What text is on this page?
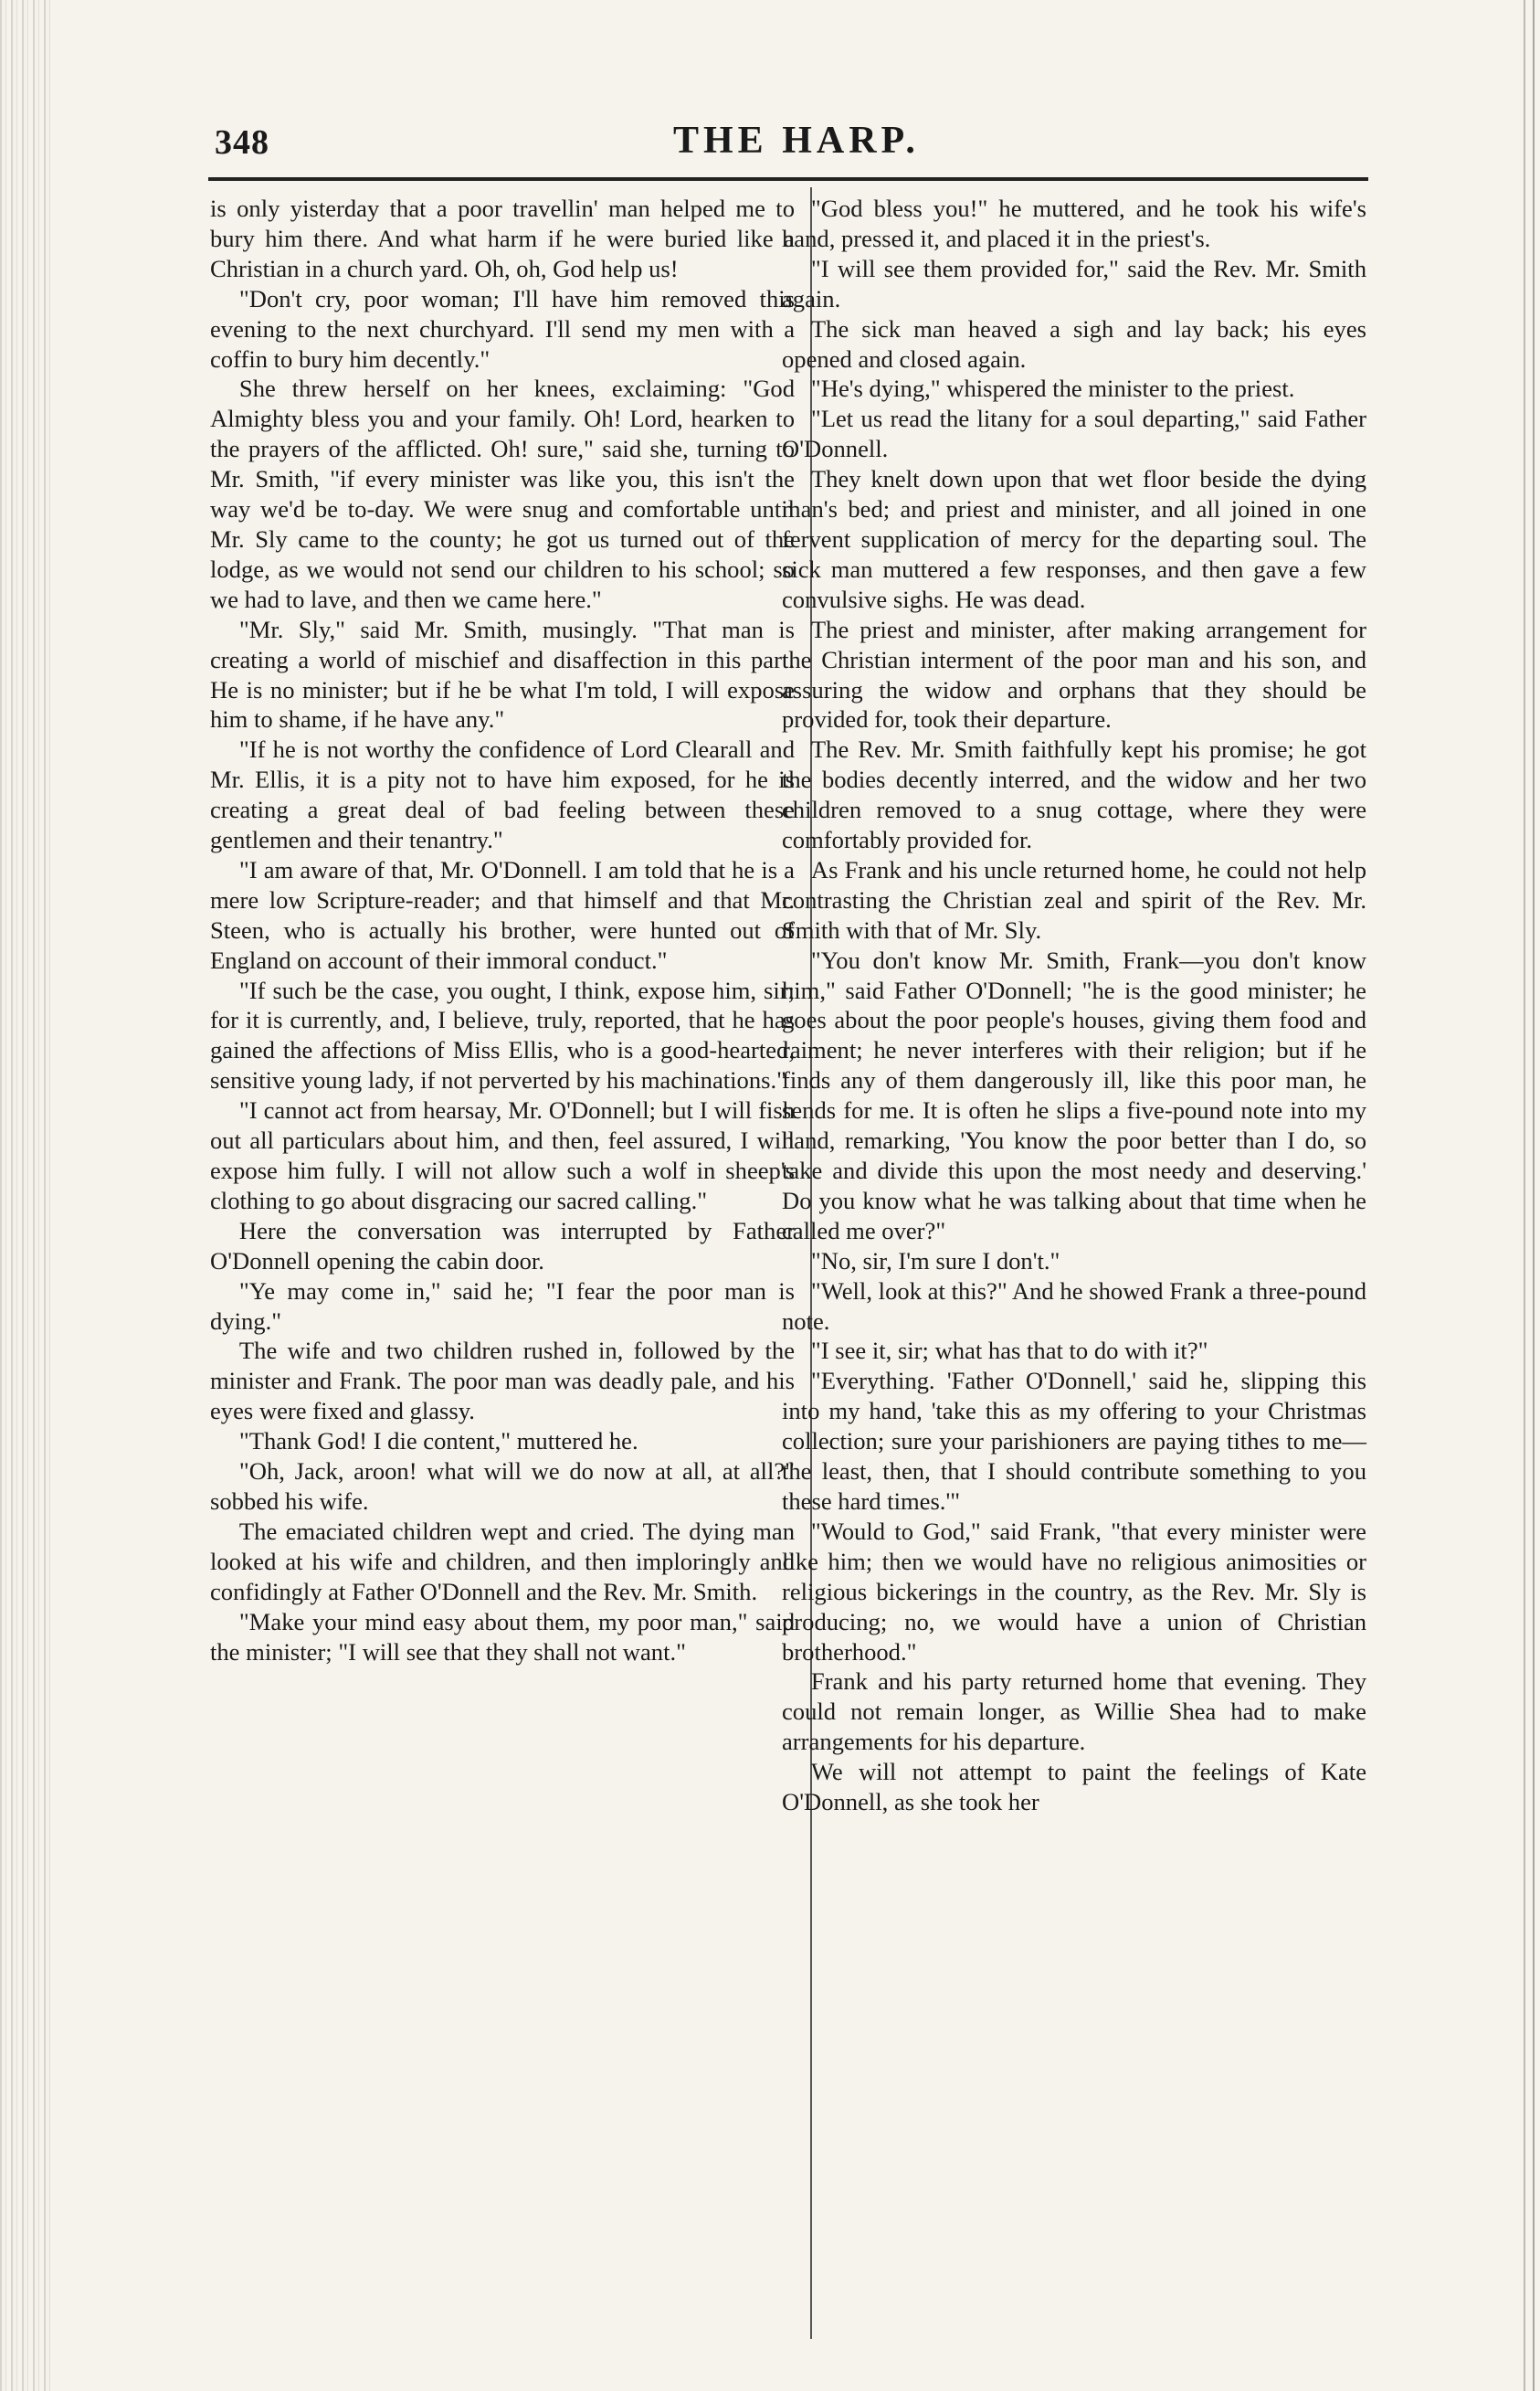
348	THE HARP.

is only yisterday that a poor travellin' man helped me to bury him there. And what harm if he were buried like a Christian in a church yard. Oh, oh, God help us!

"Don't cry, poor woman; I'll have him removed this evening to the next churchyard. I'll send my men with a coffin to bury him decently."

She threw herself on her knees, exclaiming: "God Almighty bless you and your family. Oh! Lord, hearken to the prayers of the afflicted. Oh! sure," said she, turning to Mr. Smith, "if every minister was like you, this isn't the way we'd be to-day. We were snug and comfortable until Mr. Sly came to the county; he got us turned out of the lodge, as we would not send our children to his school; so we had to lave, and then we came here."

"Mr. Sly," said Mr. Smith, musingly. "That man is creating a world of mischief and disaffection in this part. He is no minister; but if he be what I'm told, I will expose him to shame, if he have any."

"If he is not worthy the confidence of Lord Clearall and Mr. Ellis, it is a pity not to have him exposed, for he is creating a great deal of bad feeling between these gentlemen and their tenantry."

"I am aware of that, Mr. O'Donnell. I am told that he is a mere low Scripture-reader; and that himself and that Mr. Steen, who is actually his brother, were hunted out of England on account of their immoral conduct."

"If such be the case, you ought, I think, expose him, sir; for it is currently, and, I believe, truly, reported, that he has gained the affections of Miss Ellis, who is a good-hearted, sensitive young lady, if not perverted by his machinations."

"I cannot act from hearsay, Mr. O'Donnell; but I will fish out all particulars about him, and then, feel assured, I will expose him fully. I will not allow such a wolf in sheep's clothing to go about disgracing our sacred calling."

Here the conversation was interrupted by Father O'Donnell opening the cabin door.

"Ye may come in," said he; "I fear the poor man is dying."

The wife and two children rushed in, followed by the minister and Frank. The poor man was deadly pale, and his eyes were fixed and glassy.

"Thank God! I die content," muttered he.

"Oh, Jack, aroon! what will we do now at all, at all?" sobbed his wife.

The emaciated children wept and cried. The dying man looked at his wife and children, and then imploringly and confidingly at Father O'Donnell and the Rev. Mr. Smith.

"Make your mind easy about them, my poor man," said the minister; "I will see that they shall not want."

"God bless you!" he muttered, and he took his wife's hand, pressed it, and placed it in the priest's.

"I will see them provided for," said the Rev. Mr. Smith again.

The sick man heaved a sigh and lay back; his eyes opened and closed again.

"He's dying," whispered the minister to the priest.

"Let us read the litany for a soul departing," said Father O'Donnell.

They knelt down upon that wet floor beside the dying man's bed; and priest and minister, and all joined in one fervent supplication of mercy for the departing soul. The sick man muttered a few responses, and then gave a few convulsive sighs. He was dead.

The priest and minister, after making arrangement for the Christian interment of the poor man and his son, and assuring the widow and orphans that they should be provided for, took their departure.

The Rev. Mr. Smith faithfully kept his promise; he got the bodies decently interred, and the widow and her two children removed to a snug cottage, where they were comfortably provided for.

As Frank and his uncle returned home, he could not help contrasting the Christian zeal and spirit of the Rev. Mr. Smith with that of Mr. Sly.

"You don't know Mr. Smith, Frank—you don't know him," said Father O'Donnell; "he is the good minister; he goes about the poor people's houses, giving them food and raiment; he never interferes with their religion; but if he finds any of them dangerously ill, like this poor man, he sends for me. It is often he slips a five-pound note into my hand, remarking, 'You know the poor better than I do, so take and divide this upon the most needy and deserving.' Do you know what he was talking about that time when he called me over?"

"No, sir, I'm sure I don't."

"Well, look at this?" And he showed Frank a three-pound note.

"I see it, sir; what has that to do with it?"

"Everything. 'Father O'Donnell,' said he, slipping this into my hand, 'take this as my offering to your Christmas collection; sure your parishioners are paying tithes to me—the least, then, that I should contribute something to you these hard times.'"

"Would to God," said Frank, "that every minister were like him; then we would have no religious animosities or religious bickerings in the country, as the Rev. Mr. Sly is producing; no, we would have a union of Christian brotherhood."

Frank and his party returned home that evening. They could not remain longer, as Willie Shea had to make arrangements for his departure.

We will not attempt to paint the feelings of Kate O'Donnell, as she took her
